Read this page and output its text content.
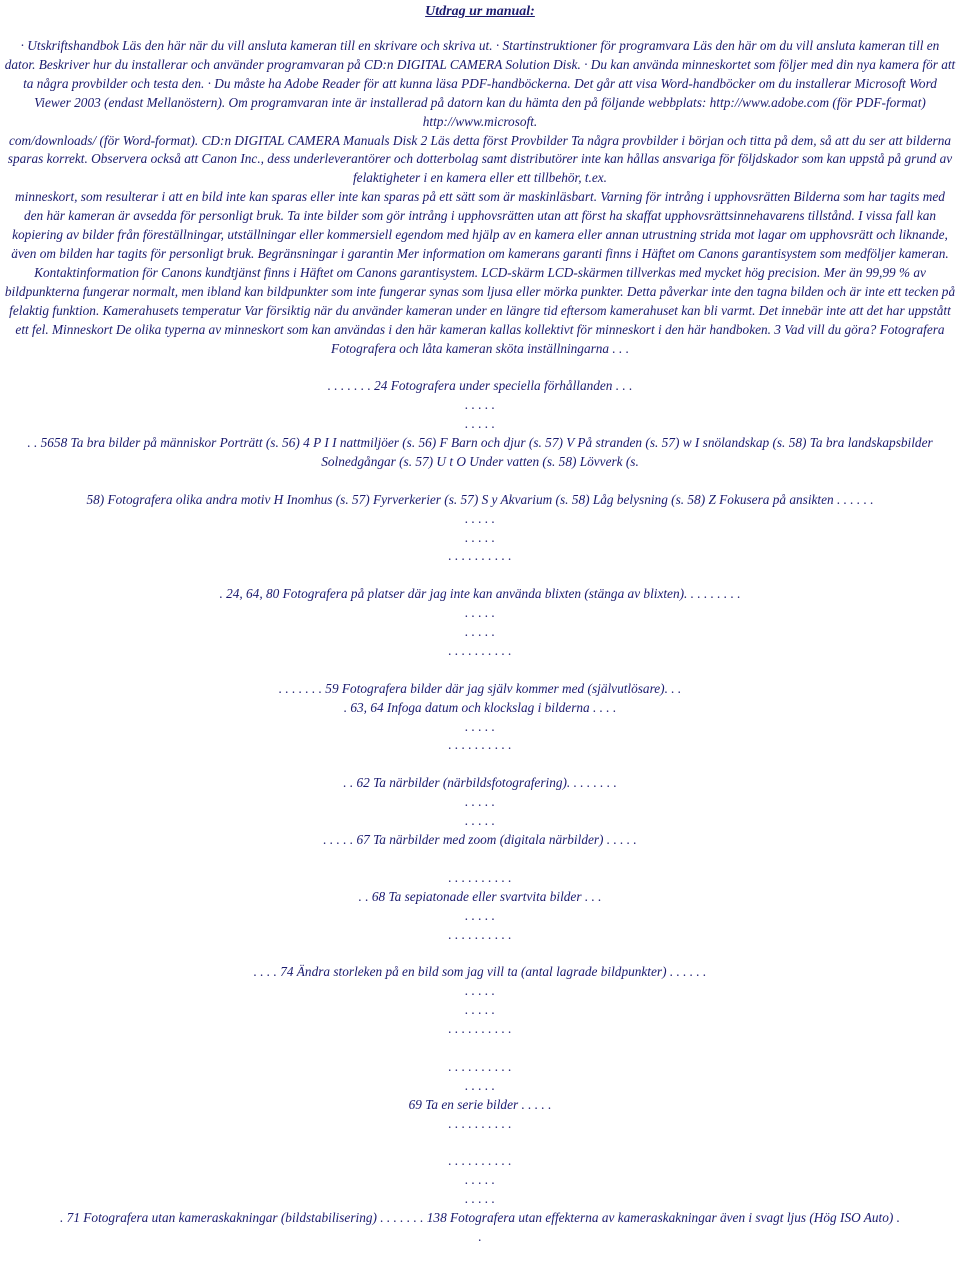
Utdrag ur manual:
· Utskriftshandbok Läs den här när du vill ansluta kameran till en skrivare och skriva ut. · Startinstruktioner för programvara Läs den här om du vill ansluta kameran till en dator. Beskriver hur du installerar och använder programvaran på CD:n DIGITAL CAMERA Solution Disk. · Du kan använda minneskortet som följer med din nya kamera för att ta några provbilder och testa den. · Du måste ha Adobe Reader för att kunna läsa PDF-handböckerna. Det går att visa Word-handböcker om du installerar Microsoft Word Viewer 2003 (endast Mellanöstern). Om programvaran inte är installerad på datorn kan du hämta den på följande webbplats: http://www.adobe.com (för PDF-format) http://www.microsoft.
com/downloads/ (för Word-format). CD:n DIGITAL CAMERA Manuals Disk 2 Läs detta först Provbilder Ta några provbilder i början och titta på dem, så att du ser att bilderna sparas korrekt. Observera också att Canon Inc., dess underleverantörer och dotterbolag samt distributörer inte kan hållas ansvariga för följdskador som kan uppstå på grund av felaktigheter i en kamera eller ett tillbehör, t.ex.
minneskort, som resulterar i att en bild inte kan sparas eller inte kan sparas på ett sätt som är maskinläsbart. Varning för intrång i upphovsrätten Bilderna som har tagits med den här kameran är avsedda för personligt bruk. Ta inte bilder som gör intrång i upphovsrätten utan att först ha skaffat upphovsrättsinnehavarens tillstånd. I vissa fall kan kopiering av bilder från föreställningar, utställningar eller kommersiell egendom med hjälp av en kamera eller annan utrustning strida mot lagar om upphovsrätt och liknande, även om bilden har tagits för personligt bruk. Begränsningar i garantin Mer information om kamerans garanti finns i Häftet om Canons garantisystem som medföljer kameran.
Kontaktinformation för Canons kundtjänst finns i Häftet om Canons garantisystem. LCD-skärm LCD-skärmen tillverkas med mycket hög precision. Mer än 99,99 % av bildpunkterna fungerar normalt, men ibland kan bildpunkter som inte fungerar synas som ljusa eller mörka punkter. Detta påverkar inte den tagna bilden och är inte ett tecken på felaktig funktion. Kamerahusets temperatur Var försiktig när du använder kameran under en längre tid eftersom kamerahuset kan bli varmt. Det innebär inte att det har uppstått ett fel. Minneskort De olika typerna av minneskort som kan användas i den här kameran kallas kollektivt för minneskort i den här handboken. 3 Vad vill du göra? Fotografera Fotografera och låta kameran sköta inställningarna . . .
. . . . . . . 24 Fotografera under speciella förhållanden . . .
. . . . .
. . . . .
. . 5658 Ta bra bilder på människor Porträtt (s. 56) 4 P I I nattmiljöer (s. 56) F Barn och djur (s. 57) V På stranden (s. 57) w I snölandskap (s. 58) Ta bra landskapsbilder Solnedgångar (s. 57) U t O Under vatten (s. 58) Lövverk (s.
58) Fotografera olika andra motiv H Inomhus (s. 57) Fyrverkerier (s. 57) S y Akvarium (s. 58) Låg belysning (s. 58) Z Fokusera på ansikten . . . . . .
. . . . .
. . . . .
. . . . . . . . . .
. 24, 64, 80 Fotografera på platser där jag inte kan använda blixten (stänga av blixten). . . . . . . . .
. . . . .
. . . . .
. . . . . . . . . .
. . . . . . . 59 Fotografera bilder där jag själv kommer med (självutlösare). . .
. 63, 64 Infoga datum och klockslag i bilderna . . . .
. . . . .
. . . . . . . . . .
. . 62 Ta närbilder (närbildsfotografering). . . . . . . .
. . . . .
. . . . .
. . . . . 67 Ta närbilder med zoom (digitala närbilder) . . . . .
. . . . . . . . . .
. . 68 Ta sepiatonade eller svartvita bilder . . .
. . . . .
. . . . . . . . . .
. . . . 74 Ändra storleken på en bild som jag vill ta (antal lagrade bildpunkter) . . . . . .
. . . . .
. . . . .
. . . . . . . . . .
. . . . . . . . . .
. . . . .
69 Ta en serie bilder . . . . .
. . . . . . . . . .
. . . . . . . . . .
. . . . .
. . . . .
. 71 Fotografera utan kameraskakningar (bildstabilisering) . . . . . . . 138 Fotografera utan effekterna av kameraskakningar även i svagt ljus (Hög ISO Auto) .
.
